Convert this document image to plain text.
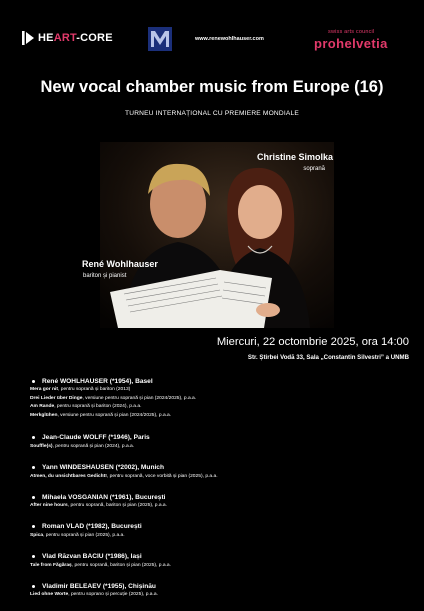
HEART-CORE	www.renewohlhauser.com
swiss arts council
prohelvetia
New vocal chamber music from Europe (16)
TURNEU INTERNAȚIONAL CU PREMIERE MONDIALE
Christine Simolka
soprană
René Wohlhauser
bariton și pianist
Miercuri, 22 octombrie 2025, ora 14:00
Str. Știrbei Vodă 33, Sala „Constantin Silvestri” a UNMB
René WOHLHAUSER (*1954), Basel
Mera gor nit, pentru soprană și bariton (2013)
Drei Lieder über Dinge, versiune pentru soprană și pian (2024/2025), p.a.a.
Am Rande, pentru soprană și bariton (2024), p.a.a.
Merkglühen, versiune pentru soprană și pian (2024/2025), p.a.a.
Jean-Claude WOLFF (*1946), Paris
Souffle(s), pentru soprană și pian (2024), p.a.a.
Yann WINDESHAUSEN (*2002), Munich
Atmen, du unsichtbares Gedicht!, pentru soprană, voce vorbită și pian (2025), p.a.a.
Mihaela VOSGANIAN (*1961), București
After nine hours, pentru soprană, bariton și pian (2025), p.a.a.
Roman VLAD (*1982), București
Spica, pentru soprană și pian (2025), p.a.a.
Vlad Răzvan BACIU (*1986), Iași
Tale from Făgăraș, pentru soprană, bariton și pian (2025), p.a.a.
Vladimir BELEAEV (*1955), Chișinău
Lied ohne Worte, pentru soprano și percuție (2025), p.a.a.
